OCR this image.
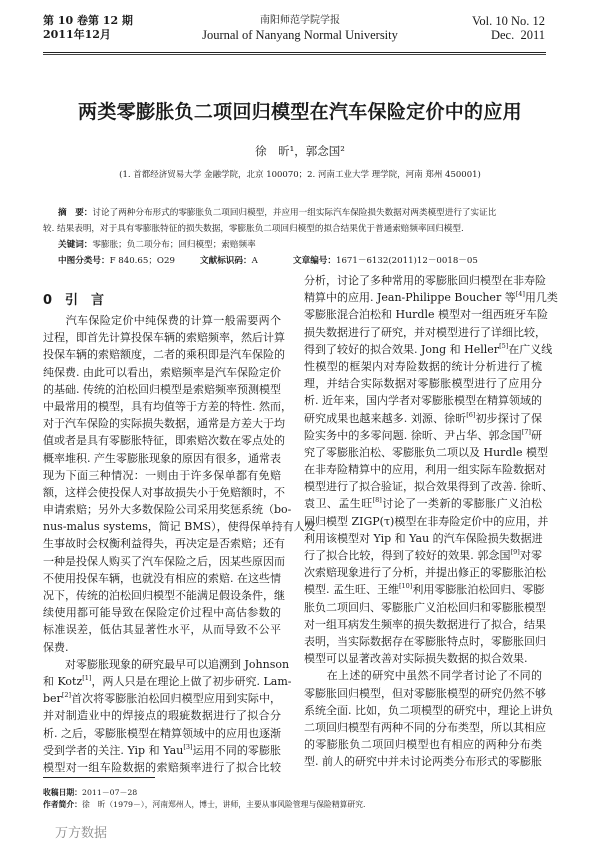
第 10 卷第 12 期
2011年12月
南阳师范学院学报
Journal of Nanyang Normal University
Vol. 10 No. 12
Dec.  2011
两类零膨胀负二项回归模型在汽车保险定价中的应用
徐　昕¹，郭念国²
(1. 首都经济贸易大学 金融学院，北京 100070；2. 河南工业大学 理学院，河南 郑州 450001)
摘　要：讨论了两种分布形式的零膨胀负二项回归模型，并应用一组实际汽车保险损失数据对两类模型进行了实证比
较. 结果表明，对于具有零膨胀特征的损失数据，零膨胀负二项回归模型的拟合结果优于普通索赔频率回归模型.
关键词：零膨胀；负二项分布；回归模型；索赔频率
中图分类号：F 840.65；O29	文献标识码：A	文章编号：1671－6132(2011)12－0018－05
0　引　言
　　汽车保险定价中纯保费的计算一般需要两个
过程，即首先计算投保车辆的索赔频率，然后计算
投保车辆的索赔额度，二者的乘积即是汽车保险的
纯保费. 由此可以看出，索赔频率是汽车保险定价
的基础. 传统的泊松回归模型是索赔频率预测模型
中最常用的模型，具有均值等于方差的特性. 然而，
对于汽车保险的实际损失数据，通常是方差大于均
值或者是具有零膨胀特征，即索赔次数在零点处的
概率堆积. 产生零膨胀现象的原因有很多，通常表
现为下面三种情况：一则由于许多保单都有免赔
额，这样会使投保人对事故损失小于免赔额时，不
申请索赔；另外大多数保险公司采用奖惩系统（bo-
nus-malus systems，简记 BMS），使得保单持有人发
生事故时会权衡利益得失，再决定是否索赔；还有
一种是投保人购买了汽车保险之后，因某些原因而
不使用投保车辆，也就没有相应的索赔. 在这些情
况下，传统的泊松回归模型不能满足假设条件，继
续使用都可能导致在保险定价过程中高估参数的
标准误差，低估其显著性水平，从而导致不公平
保费.
　　对零膨胀现象的研究最早可以追溯到 Johnson
和 Kotz[1]，两人只是在理论上做了初步研究. Lam-
ber[2]首次将零膨胀泊松回归模型应用到实际中，
并对制造业中的焊接点的瑕疵数据进行了拟合分
析. 之后，零膨胀模型在精算领域中的应用也逐渐
受到学者的关注. Yip 和 Yau[3]运用不同的零膨胀
模型对一组车险数据的索赔频率进行了拟合比较
分析，讨论了多种常用的零膨胀回归模型在非寿险
精算中的应用. Jean-Philippe Boucher 等[4]用几类
零膨胀混合泊松和 Hurdle 模型对一组西班牙车险
损失数据进行了研究，并对模型进行了详细比较，
得到了较好的拟合效果. Jong 和 Heller[5]在广义线
性模型的框架内对寿险数据的统计分析进行了梳
理，并结合实际数据对零膨胀模型进行了应用分
析. 近年来，国内学者对零膨胀模型在精算领域的
研究成果也越来越多. 刘源、徐昕[6]初步探讨了保
险实务中的多零问题. 徐昕、尹占华、郭念国[7]研
究了零膨胀泊松、零膨胀负二项以及 Hurdle 模型
在非寿险精算中的应用，利用一组实际车险数据对
模型进行了拟合验证，拟合效果得到了改善. 徐昕、
袁卫、孟生旺[8]讨论了一类新的零膨胀广义泊松
回归模型 ZIGP(τ)模型在非寿险定价中的应用，并
利用该模型对 Yip 和 Yau 的汽车保险损失数据进
行了拟合比较，得到了较好的效果. 郭念国[9]对零
次索赔现象进行了分析，并提出修正的零膨胀泊松
模型. 孟生旺、王维[10]利用零膨胀泊松回归、零膨
胀负二项回归、零膨胀广义泊松回归和零膨胀模型
对一组耳病发生频率的损失数据进行了拟合，结果
表明，当实际数据存在零膨胀特点时，零膨胀回归
模型可以显著改善对实际损失数据的拟合效果.
　　在上述的研究中虽然不同学者讨论了不同的
零膨胀回归模型，但对零膨胀模型的研究仍然不够
系统全面. 比如，负二项模型的研究中，理论上讲负
二项回归模型有两种不同的分布类型，所以其相应
的零膨胀负二项回归模型也有相应的两种分布类
型. 前人的研究中并未讨论两类分布形式的零膨胀
收稿日期：2011－07－28
作者简介：徐　昕（1979－），河南郑州人，博士，讲师，主要从事风险管理与保险精算研究.
万方数据
